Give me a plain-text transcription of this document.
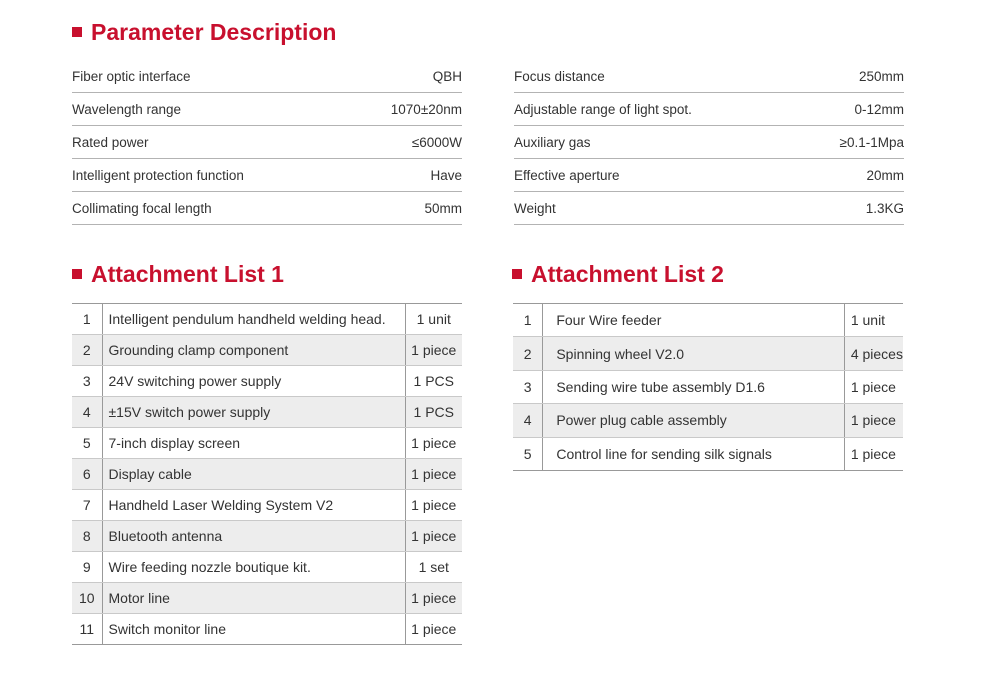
Parameter Description
Fiber optic interface	QBH
Wavelength range	1070±20nm
Rated power	≤6000W
Intelligent protection function	Have
Collimating focal length	50mm
Focus distance	250mm
Adjustable range of light spot.	0-12mm
Auxiliary gas	≥0.1-1Mpa
Effective aperture	20mm
Weight	1.3KG
Attachment List 1	Attachment List 2
1	Intelligent pendulum handheld welding head.	1 unit
2	Grounding clamp component	1 piece
3	24V switching power supply	1 PCS
4	±15V switch power supply	1 PCS
5	7-inch display screen	1 piece
6	Display cable	1 piece
7	Handheld Laser Welding System V2	1 piece
8	Bluetooth antenna	1 piece
9	Wire feeding nozzle boutique kit.	1 set
10	Motor line	1 piece
11	Switch monitor line	1 piece
1	Four Wire feeder	1 unit
2	Spinning wheel V2.0	4 pieces
3	Sending wire tube assembly D1.6	1 piece
4	Power plug cable assembly	1 piece
5	Control line for sending silk signals	1 piece
